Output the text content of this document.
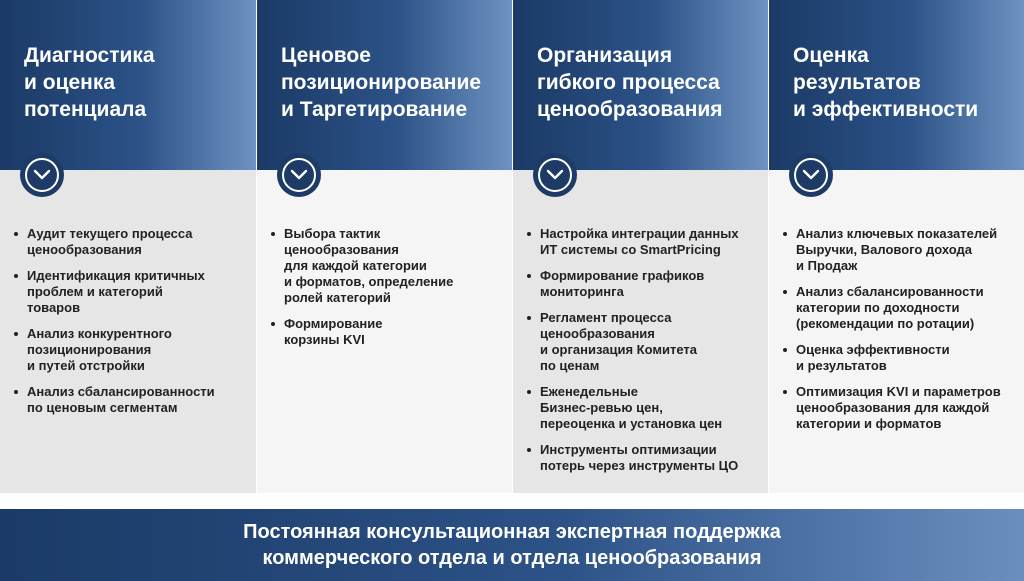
Диагностика
и оценка
потенциала
Аудит текущего процесса
ценообразования
Идентификация критичных
проблем и категорий
товаров
Анализ конкурентного
позиционирования
и путей отстройки
Анализ сбалансированности
по ценовым сегментам
Ценовое
позиционирование
и Таргетирование
Выбора тактик
ценообразования
для каждой категории
и форматов, определение
ролей категорий
Формирование
корзины KVI
Организация
гибкого процесса
ценообразования
Настройка интеграции данных
ИТ системы со SmartPricing
Формирование графиков
мониторинга
Регламент процесса
ценообразования
и организация Комитета
по ценам
Еженедельные
Бизнес-ревью цен,
переоценка и установка цен
Инструменты оптимизации
потерь через инструменты ЦО
Оценка
результатов
и эффективности
Анализ ключевых показателей
Выручки, Валового дохода
и Продаж
Анализ сбалансированности
категории по доходности
(рекомендации по ротации)
Оценка эффективности
и результатов
Оптимизация KVI и параметров
ценообразования для каждой
категории и форматов
Постоянная консультационная экспертная поддержка
коммерческого отдела и отдела ценообразования
